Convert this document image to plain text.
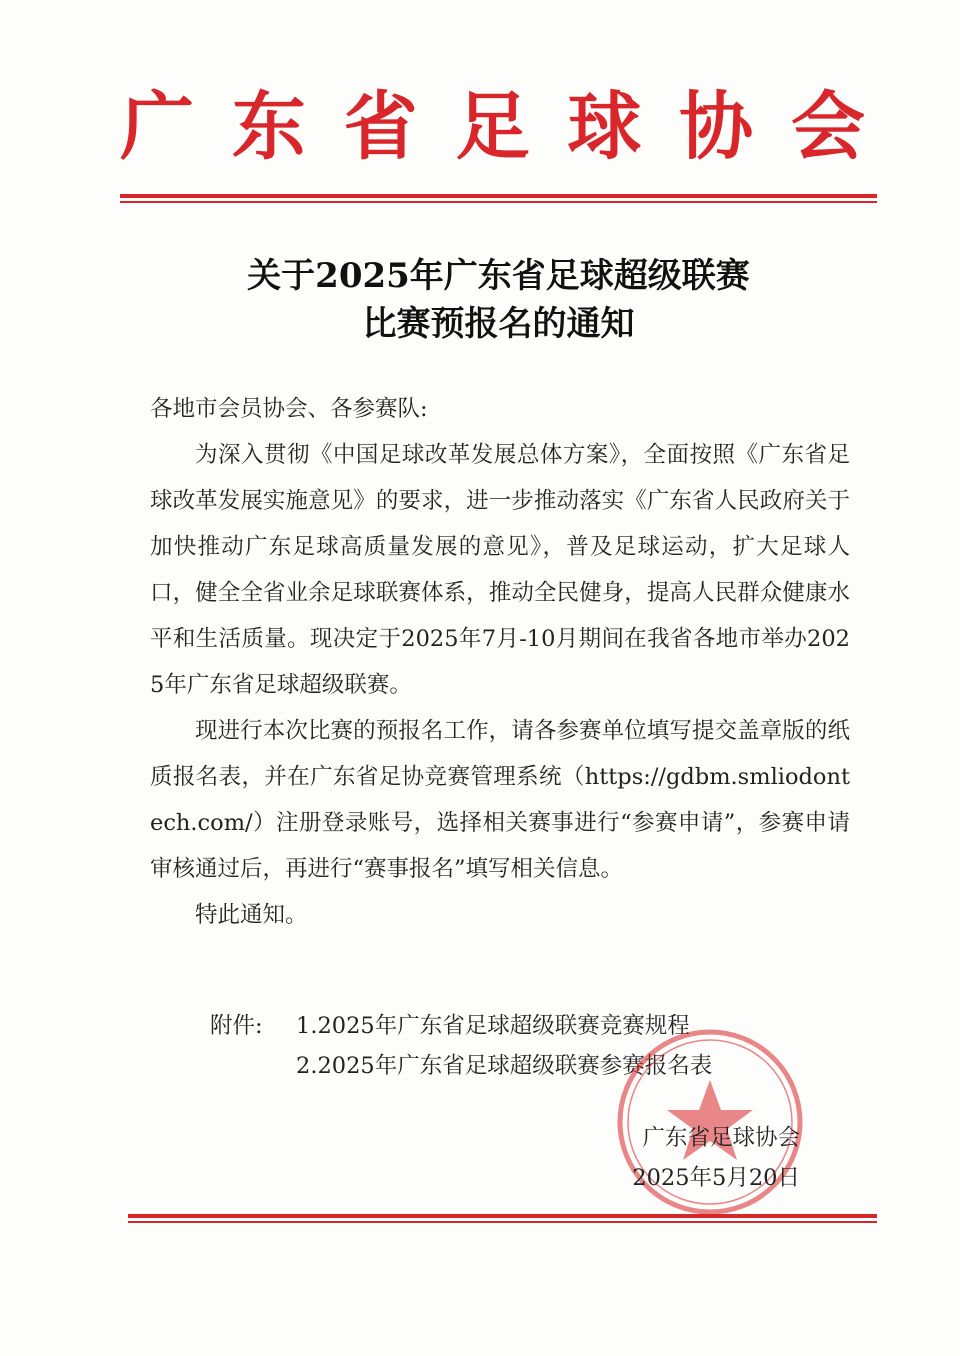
广 东 省 足 球 协 会
关于2025年广东省足球超级联赛
比赛预报名的通知
各地市会员协会、各参赛队:

为深入贯彻《中国足球改革发展总体方案》，全面按照《广东省足球改革发展实施意见》的要求，进一步推动落实《广东省人民政府关于加快推动广东足球高质量发展的意见》，普及足球运动，扩大足球人口，健全全省业余足球联赛体系，推动全民健身，提高人民群众健康水平和生活质量。现决定于2025年7月-10月期间在我省各地市举办2025年广东省足球超级联赛。

现进行本次比赛的预报名工作，请各参赛单位填写提交盖章版的纸质报名表，并在广东省足协竞赛管理系统（https://gdbm.smliodontech.com/）注册登录账号，选择相关赛事进行“参赛申请”，参赛申请审核通过后，再进行“赛事报名”填写相关信息。

特此通知。

附件:	1.2025年广东省足球超级联赛竞赛规程
2.2025年广东省足球超级联赛参赛报名表
广东省足球协会
2025年5月20日
